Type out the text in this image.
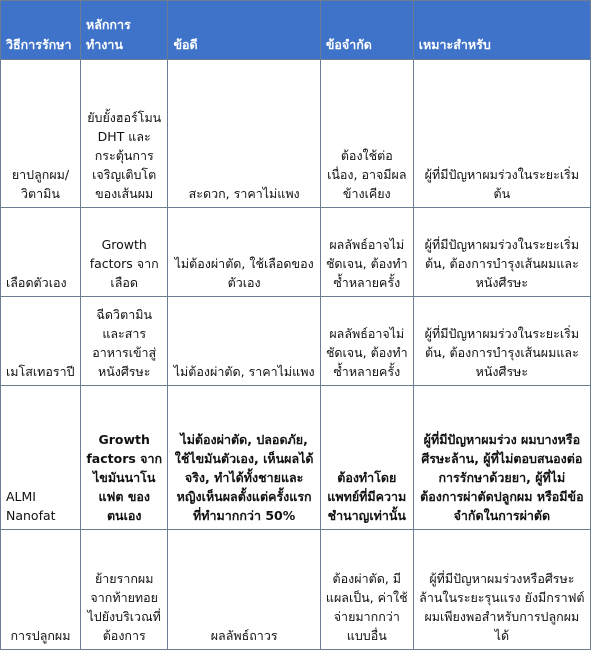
วิธีการรักษา	หลักการทำงาน	ข้อดี	ข้อจำกัด	เหมาะสำหรับ
ยาปลูกผม/วิตามิน	ยับยั้งฮอร์โมน DHT และกระตุ้นการเจริญเติบโตของเส้นผม	สะดวก, ราคาไม่แพง	ต้องใช้ต่อเนื่อง, อาจมีผลข้างเคียง	ผู้ที่มีปัญหาผมร่วงในระยะเริ่มต้น
เลือดตัวเอง	Growth factors จากเลือด	ไม่ต้องผ่าตัด, ใช้เลือดของตัวเอง	ผลลัพธ์อาจไม่ชัดเจน, ต้องทำซ้ำหลายครั้ง	ผู้ที่มีปัญหาผมร่วงในระยะเริ่มต้น, ต้องการบำรุงเส้นผมและหนังศีรษะ
เมโสเทอราปี	ฉีดวิตามินและสารอาหารเข้าสู่หนังศีรษะ	ไม่ต้องผ่าตัด, ราคาไม่แพง	ผลลัพธ์อาจไม่ชัดเจน, ต้องทำซ้ำหลายครั้ง	ผู้ที่มีปัญหาผมร่วงในระยะเริ่มต้น, ต้องการบำรุงเส้นผมและหนังศีรษะ
ALMI Nanofat	Growth factors จากไขมันนาโนแฟต ของตนเอง	ไม่ต้องผ่าตัด, ปลอดภัย, ใช้ไขมันตัวเอง, เห็นผลได้จริง, ทำได้ทั้งชายและหญิงเห็นผลตั้งแต่ครั้งแรกที่ทำมากกว่า 50%	ต้องทำโดยแพทย์ที่มีความชำนาญเท่านั้น	ผู้ที่มีปัญหาผมร่วง ผมบางหรือศีรษะล้าน, ผู้ที่ไม่ตอบสนองต่อการรักษาด้วยยา, ผู้ที่ไม่ต้องการผ่าตัดปลูกผม หรือมีข้อจำกัดในการผ่าตัด
การปลูกผม	ย้ายรากผมจากท้ายทอยไปยังบริเวณที่ต้องการ	ผลลัพธ์ถาวร	ต้องผ่าตัด, มีแผลเป็น, ค่าใช้จ่ายมากกว่าแบบอื่น	ผู้ที่มีปัญหาผมร่วงหรือศีรษะล้านในระยะรุนแรง ยังมีกราฟต์ผมเพียงพอสำหรับการปลูกผมได้
